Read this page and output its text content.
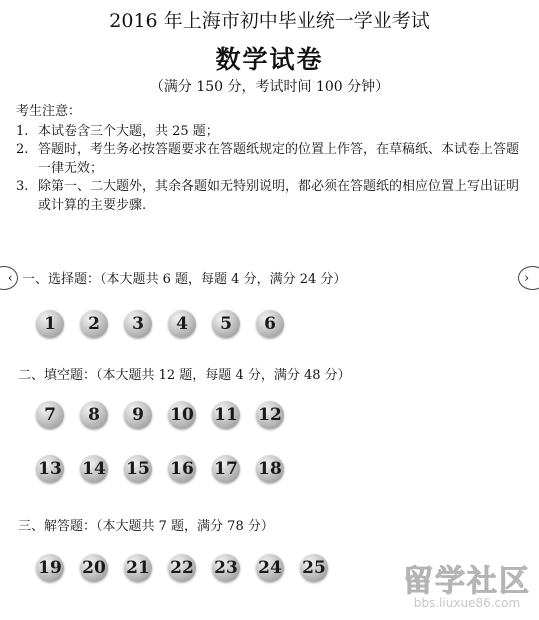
2016 年上海市初中毕业统一学业考试
数学试卷
（满分 150 分，考试时间 100 分钟）
考生注意：
1. 本试卷含三个大题，共 25 题；
2. 答题时，考生务必按答题要求在答题纸规定的位置上作答，在草稿纸、本试卷上答题一律无效；
3. 除第一、二大题外，其余各题如无特别说明，都必须在答题纸的相应位置上写出证明或计算的主要步骤.
‹	›
一、选择题：（本大题共 6 题，每题 4 分，满分 24 分）
1	2	3	4	5	6
二、填空题：（本大题共 12 题，每题 4 分，满分 48 分）
7	8	9	10 11 12
13 14 15 16 17 18
三、解答题：（本大题共 7 题，满分 78 分）
19 20 21 22 23 24 25	留学社区
bbs.liuxue86.com
